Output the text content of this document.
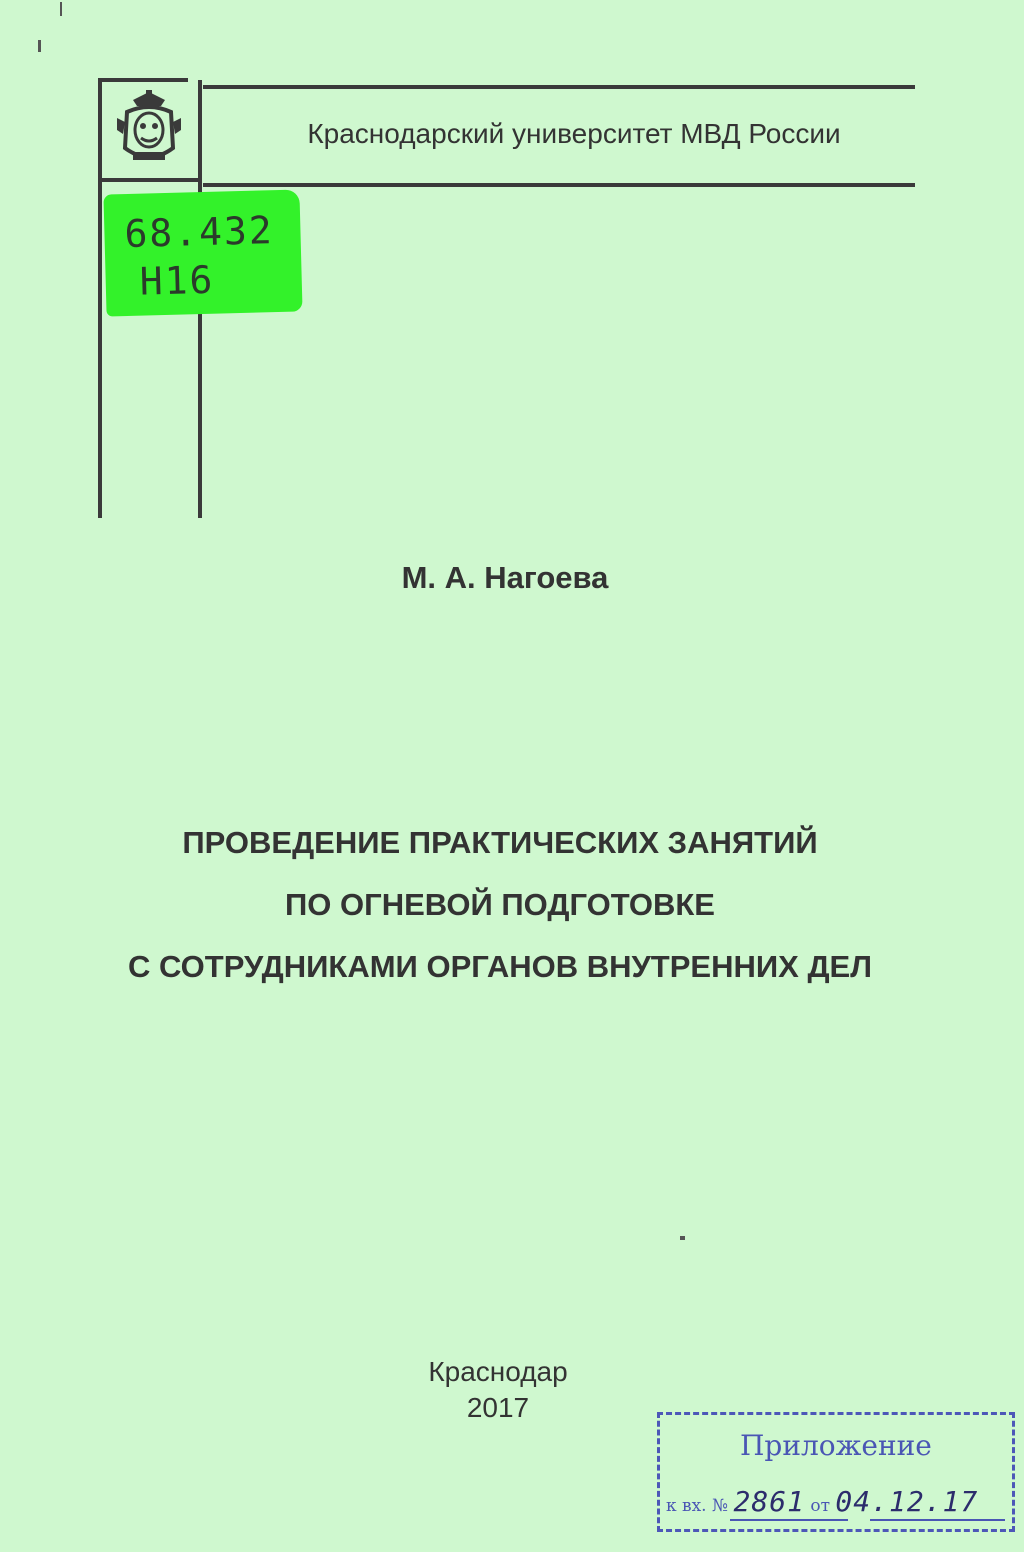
Краснодарский университет МВД России
68.432
Н16
М. А. Нагоева
ПРОВЕДЕНИЕ ПРАКТИЧЕСКИХ ЗАНЯТИЙ
ПО ОГНЕВОЙ ПОДГОТОВКЕ
С СОТРУДНИКАМИ ОРГАНОВ ВНУТРЕННИХ ДЕЛ
Краснодар
2017
Приложение
к вх. № 2861 от 04.12.17
